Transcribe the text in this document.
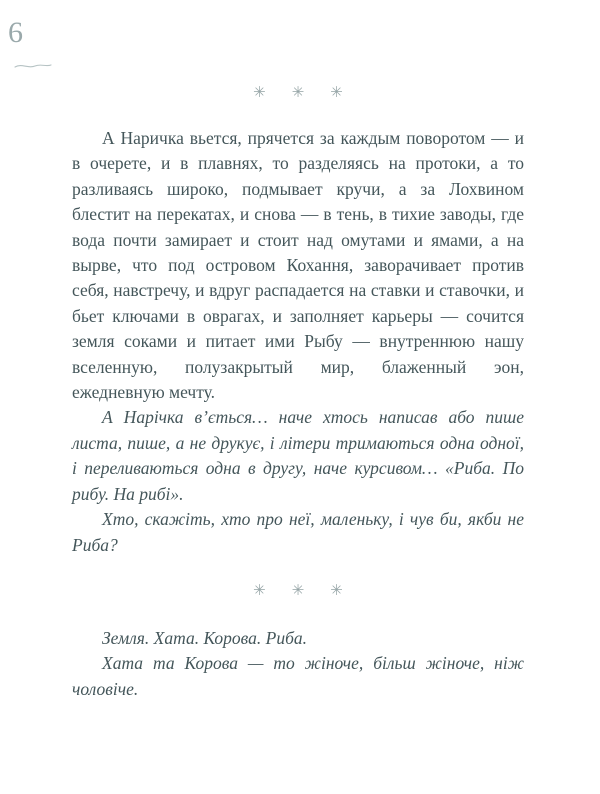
6
✳✳✳

А Наричка вьется, прячется за каждым поворотом — и в очерете, и в плавнях, то разделяясь на протоки, а то разливаясь широко, подмывает кручи, а за Лохвином блестит на перекатах, и снова — в тень, в тихие заводы, где вода почти замирает и стоит над омутами и ямами, а на вырве, что под островом Кохання, заворачивает против себя, навстречу, и вдруг распадается на ставки и ставочки, и бьет ключами в оврагах, и заполняет карьеры — сочится земля соками и питает ими Рыбу — внутреннюю нашу вселенную, полузакрытый мир, блаженный эон, ежедневную мечту.

А Нарічка в’ється… наче хтось написав або пише листа, пише, а не друкує, і літери тримаються одна одної, і переливаються одна в другу, наче курсивом… «Риба. По рибу. На рибі».

Хто, скажіть, хто про неї, маленьку, і чув би, якби не Риба?

✳✳✳

Земля. Хата. Корова. Риба.

Хата та Корова — то жіноче, більш жіноче, ніж чоловіче.
